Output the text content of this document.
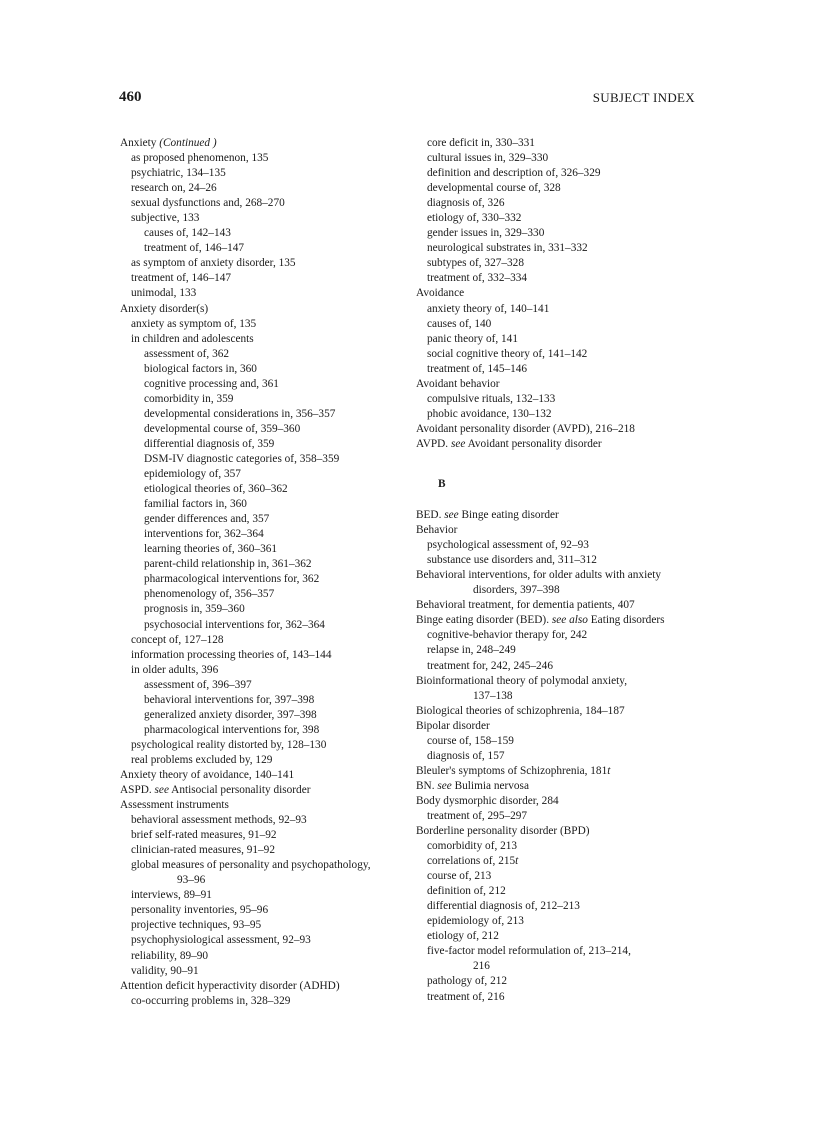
460	SUBJECT INDEX
Anxiety (Continued )
as proposed phenomenon, 135
psychiatric, 134–135
research on, 24–26
sexual dysfunctions and, 268–270
subjective, 133
causes of, 142–143
treatment of, 146–147
as symptom of anxiety disorder, 135
treatment of, 146–147
unimodal, 133
Anxiety disorder(s)
anxiety as symptom of, 135
in children and adolescents
assessment of, 362
biological factors in, 360
cognitive processing and, 361
comorbidity in, 359
developmental considerations in, 356–357
developmental course of, 359–360
differential diagnosis of, 359
DSM-IV diagnostic categories of, 358–359
epidemiology of, 357
etiological theories of, 360–362
familial factors in, 360
gender differences and, 357
interventions for, 362–364
learning theories of, 360–361
parent-child relationship in, 361–362
pharmacological interventions for, 362
phenomenology of, 356–357
prognosis in, 359–360
psychosocial interventions for, 362–364
concept of, 127–128
information processing theories of, 143–144
in older adults, 396
assessment of, 396–397
behavioral interventions for, 397–398
generalized anxiety disorder, 397–398
pharmacological interventions for, 398
psychological reality distorted by, 128–130
real problems excluded by, 129
Anxiety theory of avoidance, 140–141
ASPD. see Antisocial personality disorder
Assessment instruments
behavioral assessment methods, 92–93
brief self-rated measures, 91–92
clinician-rated measures, 91–92
global measures of personality and psychopathology,
93–96
interviews, 89–91
personality inventories, 95–96
projective techniques, 93–95
psychophysiological assessment, 92–93
reliability, 89–90
validity, 90–91
Attention deficit hyperactivity disorder (ADHD)
co-occurring problems in, 328–329
core deficit in, 330–331
cultural issues in, 329–330
definition and description of, 326–329
developmental course of, 328
diagnosis of, 326
etiology of, 330–332
gender issues in, 329–330
neurological substrates in, 331–332
subtypes of, 327–328
treatment of, 332–334
Avoidance
anxiety theory of, 140–141
causes of, 140
panic theory of, 141
social cognitive theory of, 141–142
treatment of, 145–146
Avoidant behavior
compulsive rituals, 132–133
phobic avoidance, 130–132
Avoidant personality disorder (AVPD), 216–218
AVPD. see Avoidant personality disorder
B
BED. see Binge eating disorder
Behavior
psychological assessment of, 92–93
substance use disorders and, 311–312
Behavioral interventions, for older adults with anxiety
disorders, 397–398
Behavioral treatment, for dementia patients, 407
Binge eating disorder (BED). see also Eating disorders
cognitive-behavior therapy for, 242
relapse in, 248–249
treatment for, 242, 245–246
Bioinformational theory of polymodal anxiety,
137–138
Biological theories of schizophrenia, 184–187
Bipolar disorder
course of, 158–159
diagnosis of, 157
Bleuler's symptoms of Schizophrenia, 181t
BN. see Bulimia nervosa
Body dysmorphic disorder, 284
treatment of, 295–297
Borderline personality disorder (BPD)
comorbidity of, 213
correlations of, 215t
course of, 213
definition of, 212
differential diagnosis of, 212–213
epidemiology of, 213
etiology of, 212
five-factor model reformulation of, 213–214,
216
pathology of, 212
treatment of, 216
